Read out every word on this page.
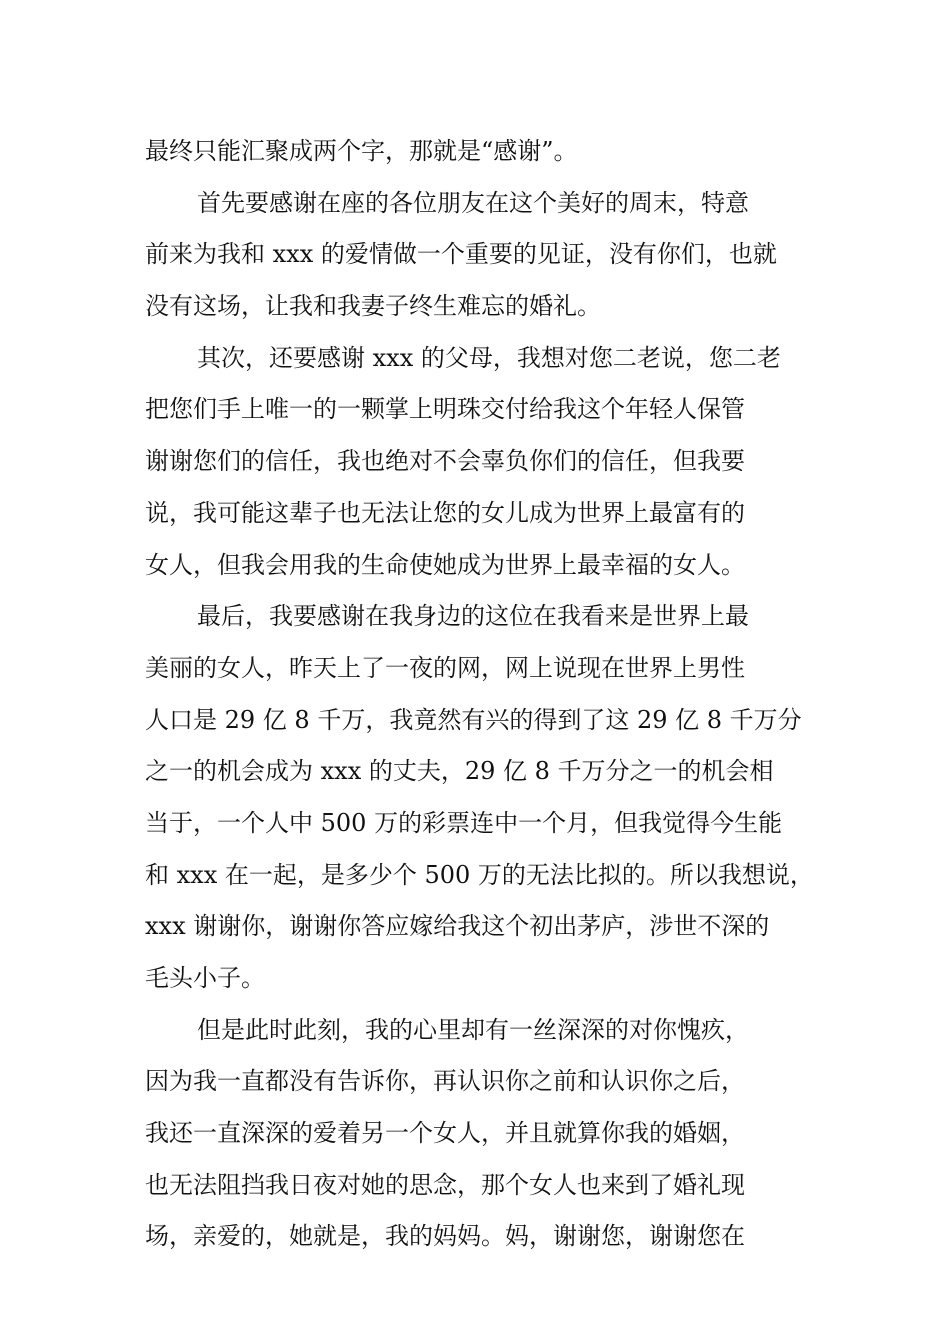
最终只能汇聚成两个字，那就是“感谢”。
首先要感谢在座的各位朋友在这个美好的周末，特意
前来为我和 xxx 的爱情做一个重要的见证，没有你们，也就
没有这场，让我和我妻子终生难忘的婚礼。
其次，还要感谢 xxx 的父母，我想对您二老说，您二老
把您们手上唯一的一颗掌上明珠交付给我这个年轻人保管
谢谢您们的信任，我也绝对不会辜负你们的信任，但我要
说，我可能这辈子也无法让您的女儿成为世界上最富有的
女人，但我会用我的生命使她成为世界上最幸福的女人。
最后，我要感谢在我身边的这位在我看来是世界上最
美丽的女人，昨天上了一夜的网，网上说现在世界上男性
人口是 29 亿 8 千万，我竟然有兴的得到了这 29 亿 8 千万分
之一的机会成为 xxx 的丈夫，29 亿 8 千万分之一的机会相
当于，一个人中 500 万的彩票连中一个月，但我觉得今生能
和 xxx 在一起，是多少个 500 万的无法比拟的。所以我想说，
xxx 谢谢你，谢谢你答应嫁给我这个初出茅庐，涉世不深的
毛头小子。
但是此时此刻，我的心里却有一丝深深的对你愧疚，
因为我一直都没有告诉你，再认识你之前和认识你之后，
我还一直深深的爱着另一个女人，并且就算你我的婚姻，
也无法阻挡我日夜对她的思念，那个女人也来到了婚礼现
场，亲爱的，她就是，我的妈妈。妈，谢谢您，谢谢您在
